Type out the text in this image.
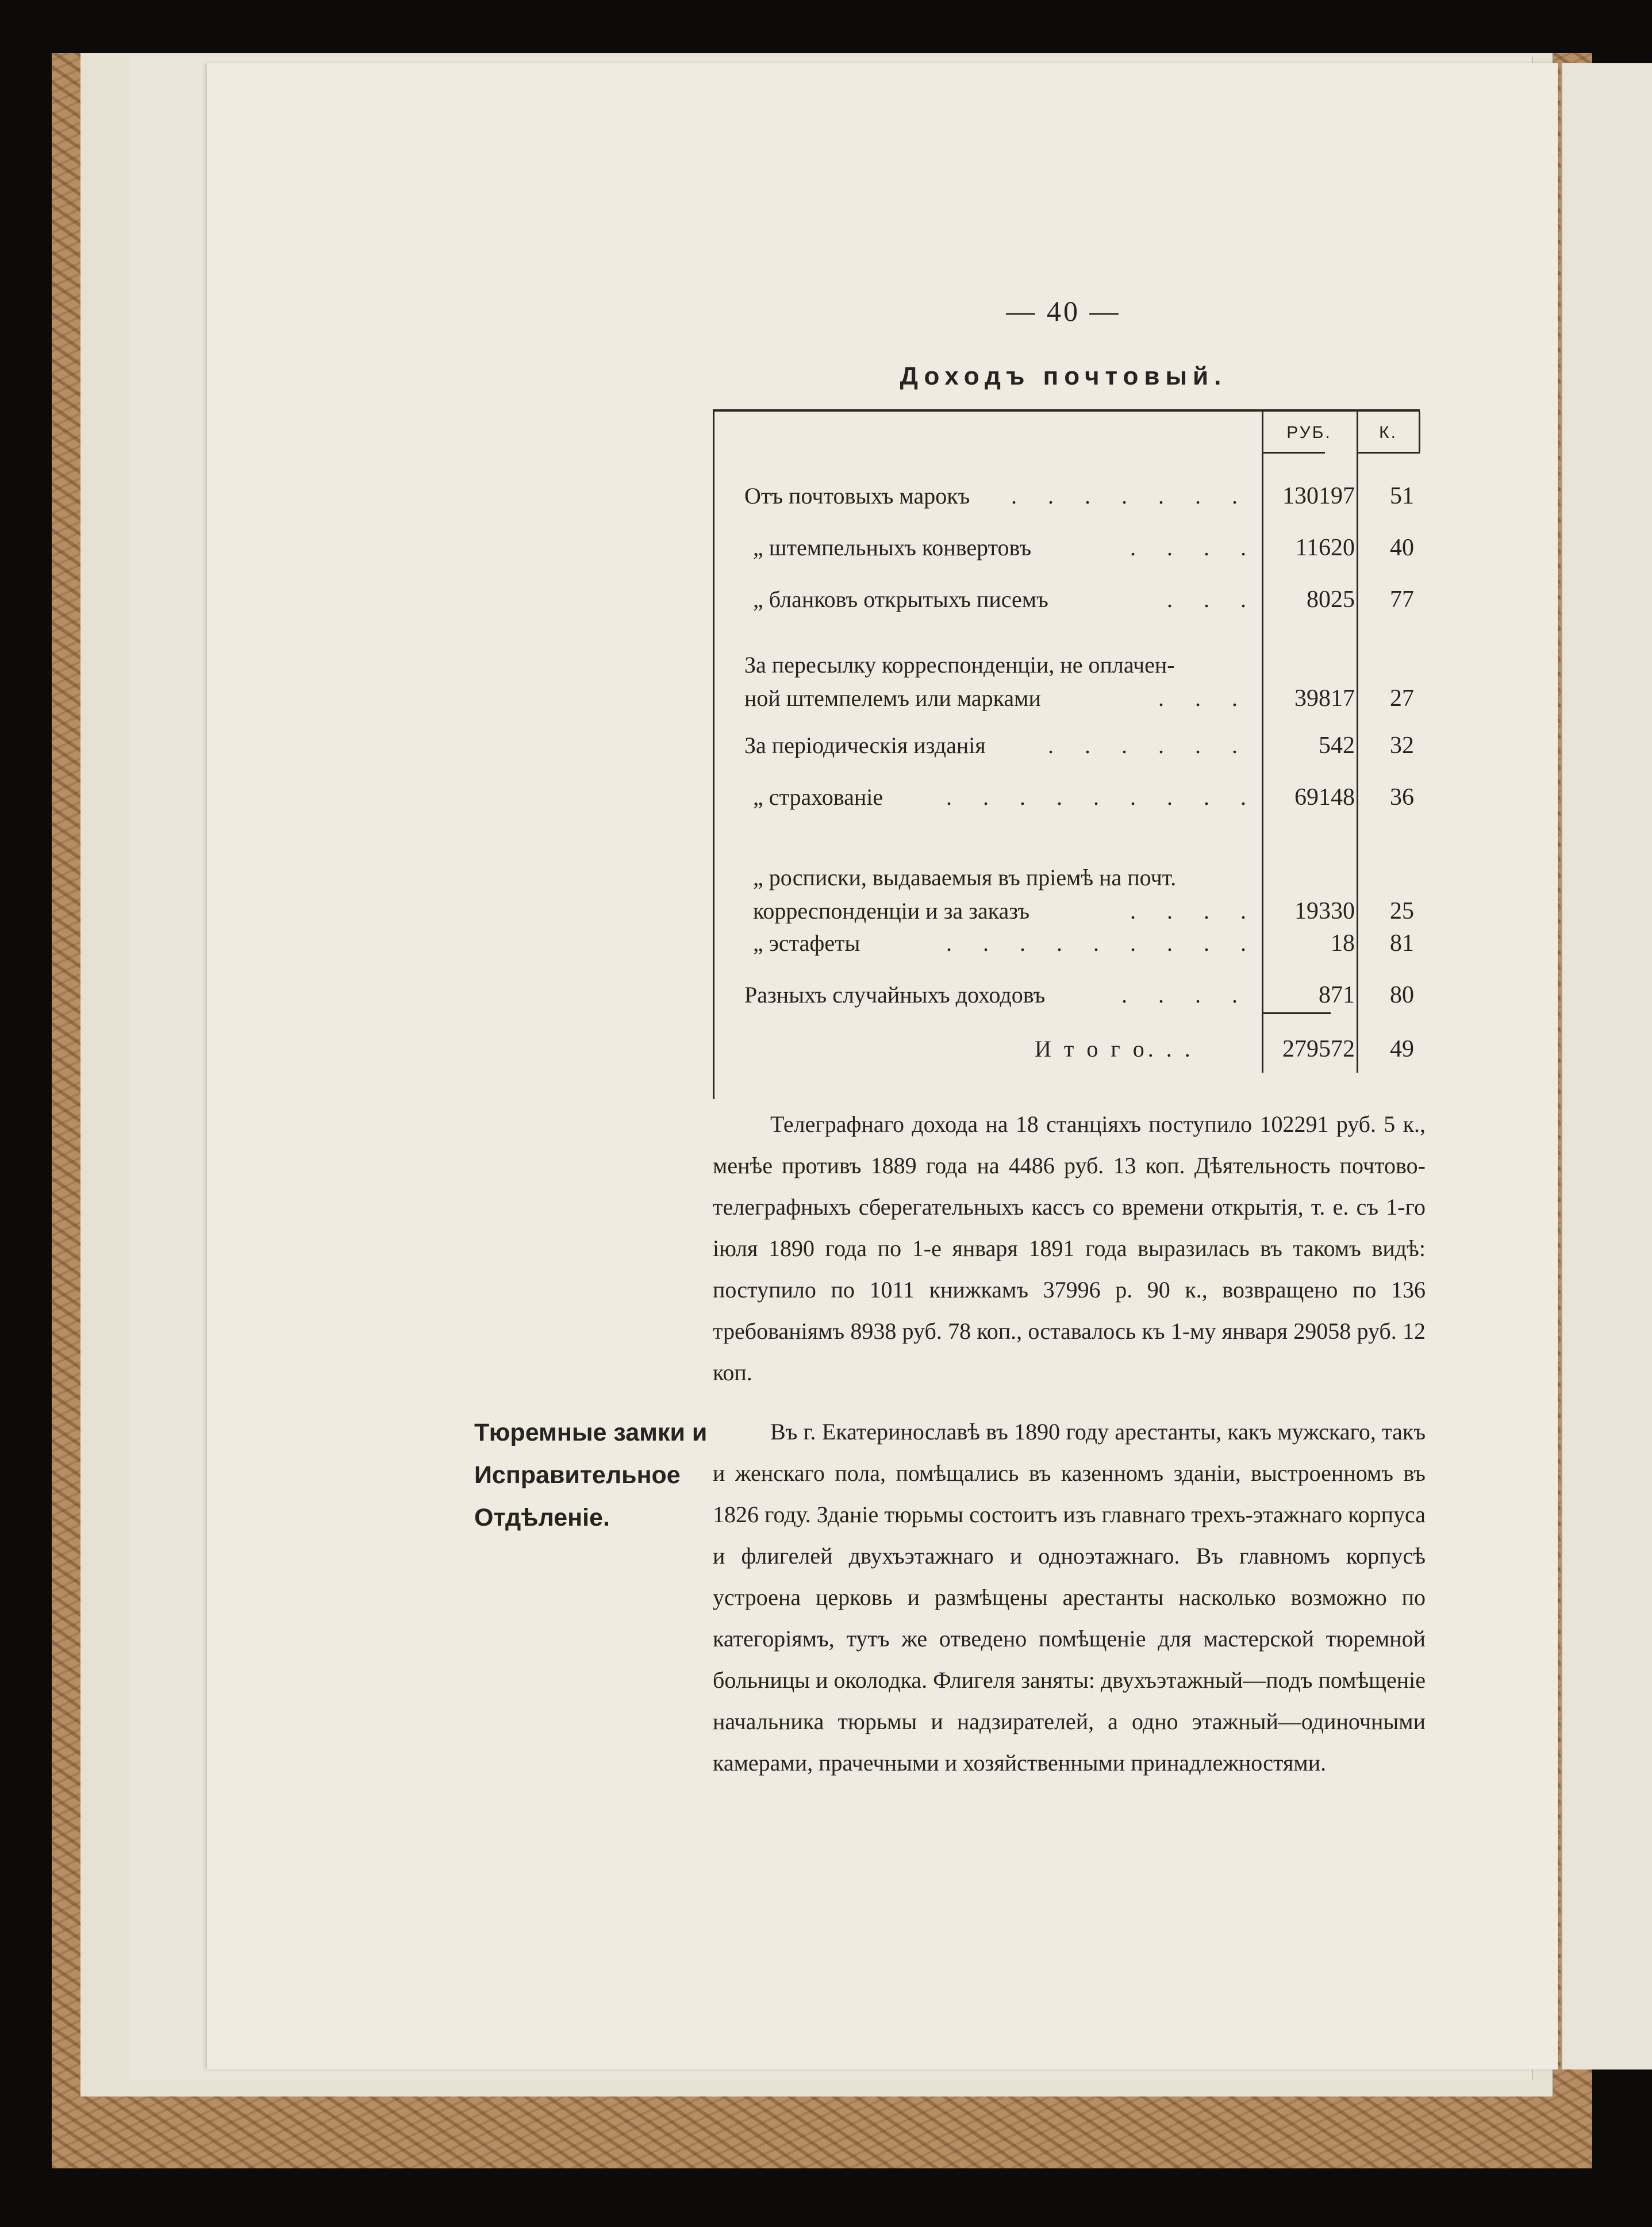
— 40 —
Доходъ почтовый.
РУБ.	К.
Отъ почтовыхъ марокъ . . . . . . .	130197	51
„ штемпельныхъ конвертовъ	. . . .	11620	40
„ бланковъ открытыхъ писемъ	. . .	8025	77
За пересылку корреспонденціи, не оплачен-
ной штемпелемъ или марками	. . .	39817	27
За періодическія изданія	. . . . . .	542	32
„ страхованіе	. . . . . . . . .	69148	36
„ росписки, выдаваемыя въ пріемѣ на почт.
корреспонденціи и за заказъ	. . . .	19330	25
„ эстафеты	. . . . . . . . .	18	81
Разныхъ случайныхъ доходовъ	. . . .	871	80
И т о г о. . .	279572	49
Телеграфнаго дохода на 18 станціяхъ поступило 102291 руб. 5 к., менѣе противъ 1889 года на 4486 руб. 13 коп. Дѣятельность почтово-телеграфныхъ сберегательныхъ кассъ со времени открытія, т. е. съ 1-го іюля 1890 года по 1-е января 1891 года выразилась въ такомъ видѣ: поступило по 1011 книжкамъ 37996 р. 90 к., возвращено по 136 требованіямъ 8938 руб. 78 коп., оставалось къ 1-му января 29058 руб. 12 коп.
Тюремные замки и Исправительное Отдѣленіе.
Въ г. Екатеринославѣ въ 1890 году арестанты, какъ мужскаго, такъ и женскаго пола, помѣщались въ казенномъ зданіи, выстроенномъ въ 1826 году. Зданіе тюрьмы состоитъ изъ главнаго трехъ-этажнаго корпуса и флигелей двухъэтажнаго и одноэтажнаго. Въ главномъ корпусѣ устроена церковь и размѣщены арестанты насколько возможно по категоріямъ, тутъ же отведено помѣщеніе для мастерской тюремной больницы и околодка. Флигеля заняты: двухъэтажный—подъ помѣщеніе начальника тюрьмы и надзирателей, а одно этажный—одиночными камерами, прачечными и хозяйственными принадлежностями.
